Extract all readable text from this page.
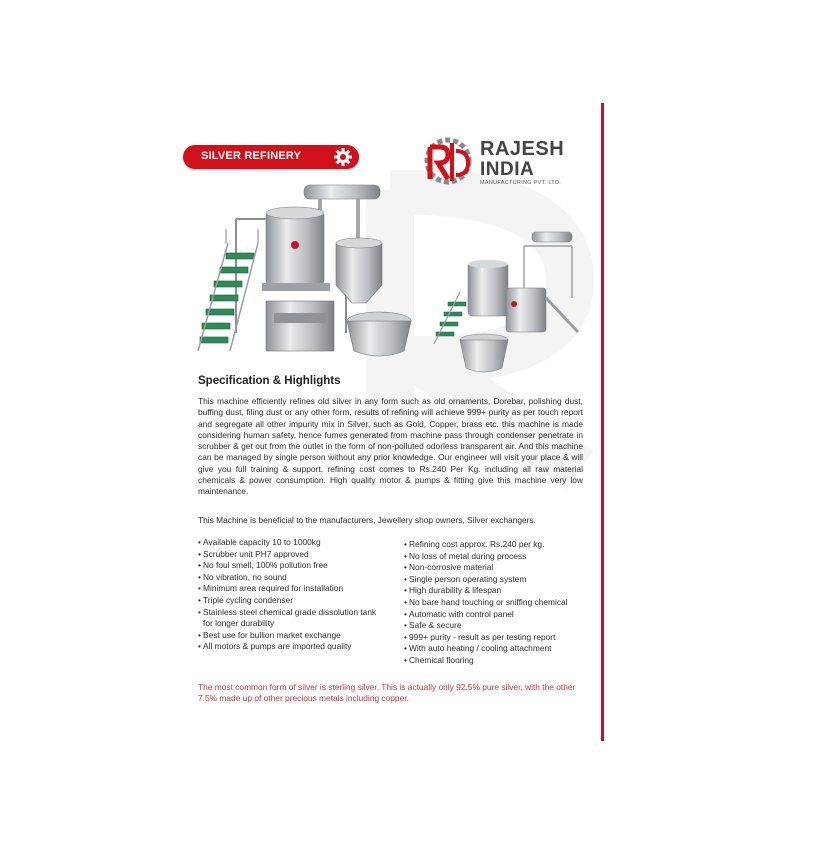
SILVER REFINERY	RAJESH
INDIA
MANUFACTURING PVT. LTD.
Specification & Highlights

This machine efficiently refines old silver in any form such as old ornaments, Dorebar, polishing dust, buffing dust, filing dust or any other form, results of refining will achieve 999+ purity as per touch report and segregate all other impurity mix in Silver, such as Gold, Copper, brass etc. this machine is made considering human safety, hence fumes generated from machine pass through condenser penetrate in scrubber & get out from the outlet in the form of non-polluted odorless transparent air. And this machine can be managed by single person without any prior knowledge. Our engineer will visit your place & will give you full training & support. refining cost comes to Rs.240 Per Kg. including all raw material chemicals & power consumption. High quality motor & pumps & fitting give this machine very low maintenance.

This Machine is beneficial to the manufacturers, Jewellery shop owners, Silver exchangers.

• Available capacity 10 to 1000kg
• Scrubber unit PH7 approved
• No foul smell, 100% pollution free
• No vibration, no sound
• Minimum area required for installation
• Triple cycling condenser
• Stainless steel chemical grade dissolution tank for longer durability
• Best use for bullion market exchange
• All motors & pumps are imported quality
• Refining cost approx. Rs.240 per kg.
• No loss of metal during process
• Non-corrosive material
• Single person operating system
• High durability & lifespan
• No bare hand touching or sniffing chemical
• Automatic with control panel
• Safe & secure
• 999+ purity - result as per testing report
• With auto heating / cooling attachment
• Chemical flooring

The most common form of silver is sterling silver. This is actually only 92.5% pure silver, with the other 7.5% made up of other precious metals including copper.
